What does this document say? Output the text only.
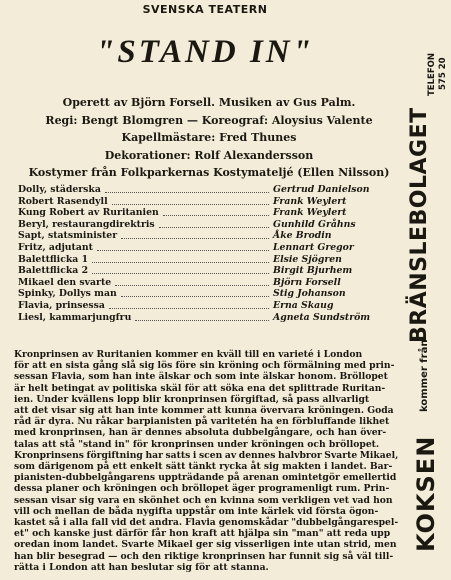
SVENSKA TEATERN
"STAND IN"
Operett av Björn Forsell. Musiken av Gus Palm.
Regi: Bengt Blomgren — Koreograf: Aloysius Valente
Kapellmästare: Fred Thunes
Dekorationer: Rolf Alexandersson
Kostymer från Folkparkernas Kostymateljé (Ellen Nilsson)
Dolly, städerska	Gertrud Danielson
Robert Rasendyll	Frank Weylert
Kung Robert av Ruritanien	Frank Weylert
Beryl, restaurangdirektris	Gunhild Gråhns
Sapt, statsminister	Åke Brodin
Fritz, adjutant	Lennart Gregor
Balettflicka 1	Elsie Sjögren
Balettflicka 2	Birgit Bjurhem
Mikael den svarte	Björn Forsell
Spinky, Dollys man	Stig Johanson
Flavia, prinsessa	Erna Skaug
Liesl, kammarjungfru	Agneta Sundström
Kronprinsen av Ruritanien kommer en kväll till en varieté i London
för att en sista gång slå sig lös före sin kröning och förmälning med prin-
sessan Flavia, som han inte älskar och som inte älskar honom. Bröllopet
är helt betingat av politiska skäl för att söka ena det splittrade Ruritan-
ien. Under kvällens lopp blir kronprinsen förgiftad, så pass allvarligt
att det visar sig att han inte kommer att kunna övervara kröningen. Goda
råd är dyra. Nu råkar barpianisten på varitetén ha en förbluffande likhet
med kronprinsen, han är dennes absoluta dubbelgångare, och han över-
talas att stå "stand in" för kronprinsen under kröningen och bröllopet.
Kronprinsens förgiftning har satts i scen av dennes halvbror Svarte Mikael,
som därigenom på ett enkelt sätt tänkt rycka åt sig makten i landet. Bar-
pianisten-dubbelgångarens uppträdande på arenan omintetgör emellertid
dessa planer och kröningen och bröllopet äger programenligt rum. Prin-
sessan visar sig vara en skönhet och en kvinna som verkligen vet vad hon
vill och mellan de båda nygifta uppstår om inte kärlek vid första ögon-
kastet så i alla fall vid det andra. Flavia genomskådar "dubbelgångarespel-
et" och kanske just därför får hon kraft att hjälpa sin "man" att reda upp
oredan inom landet. Svarte Mikael ger sig visserligen inte utan strid, men
han blir besegrad — och den riktige kronprinsen har funnit sig så väl till-
rätta i London att han beslutar sig för att stanna.
BRÄNSLEBOLAGET
TELEFON 575 20
kommer från
KOKSEN
